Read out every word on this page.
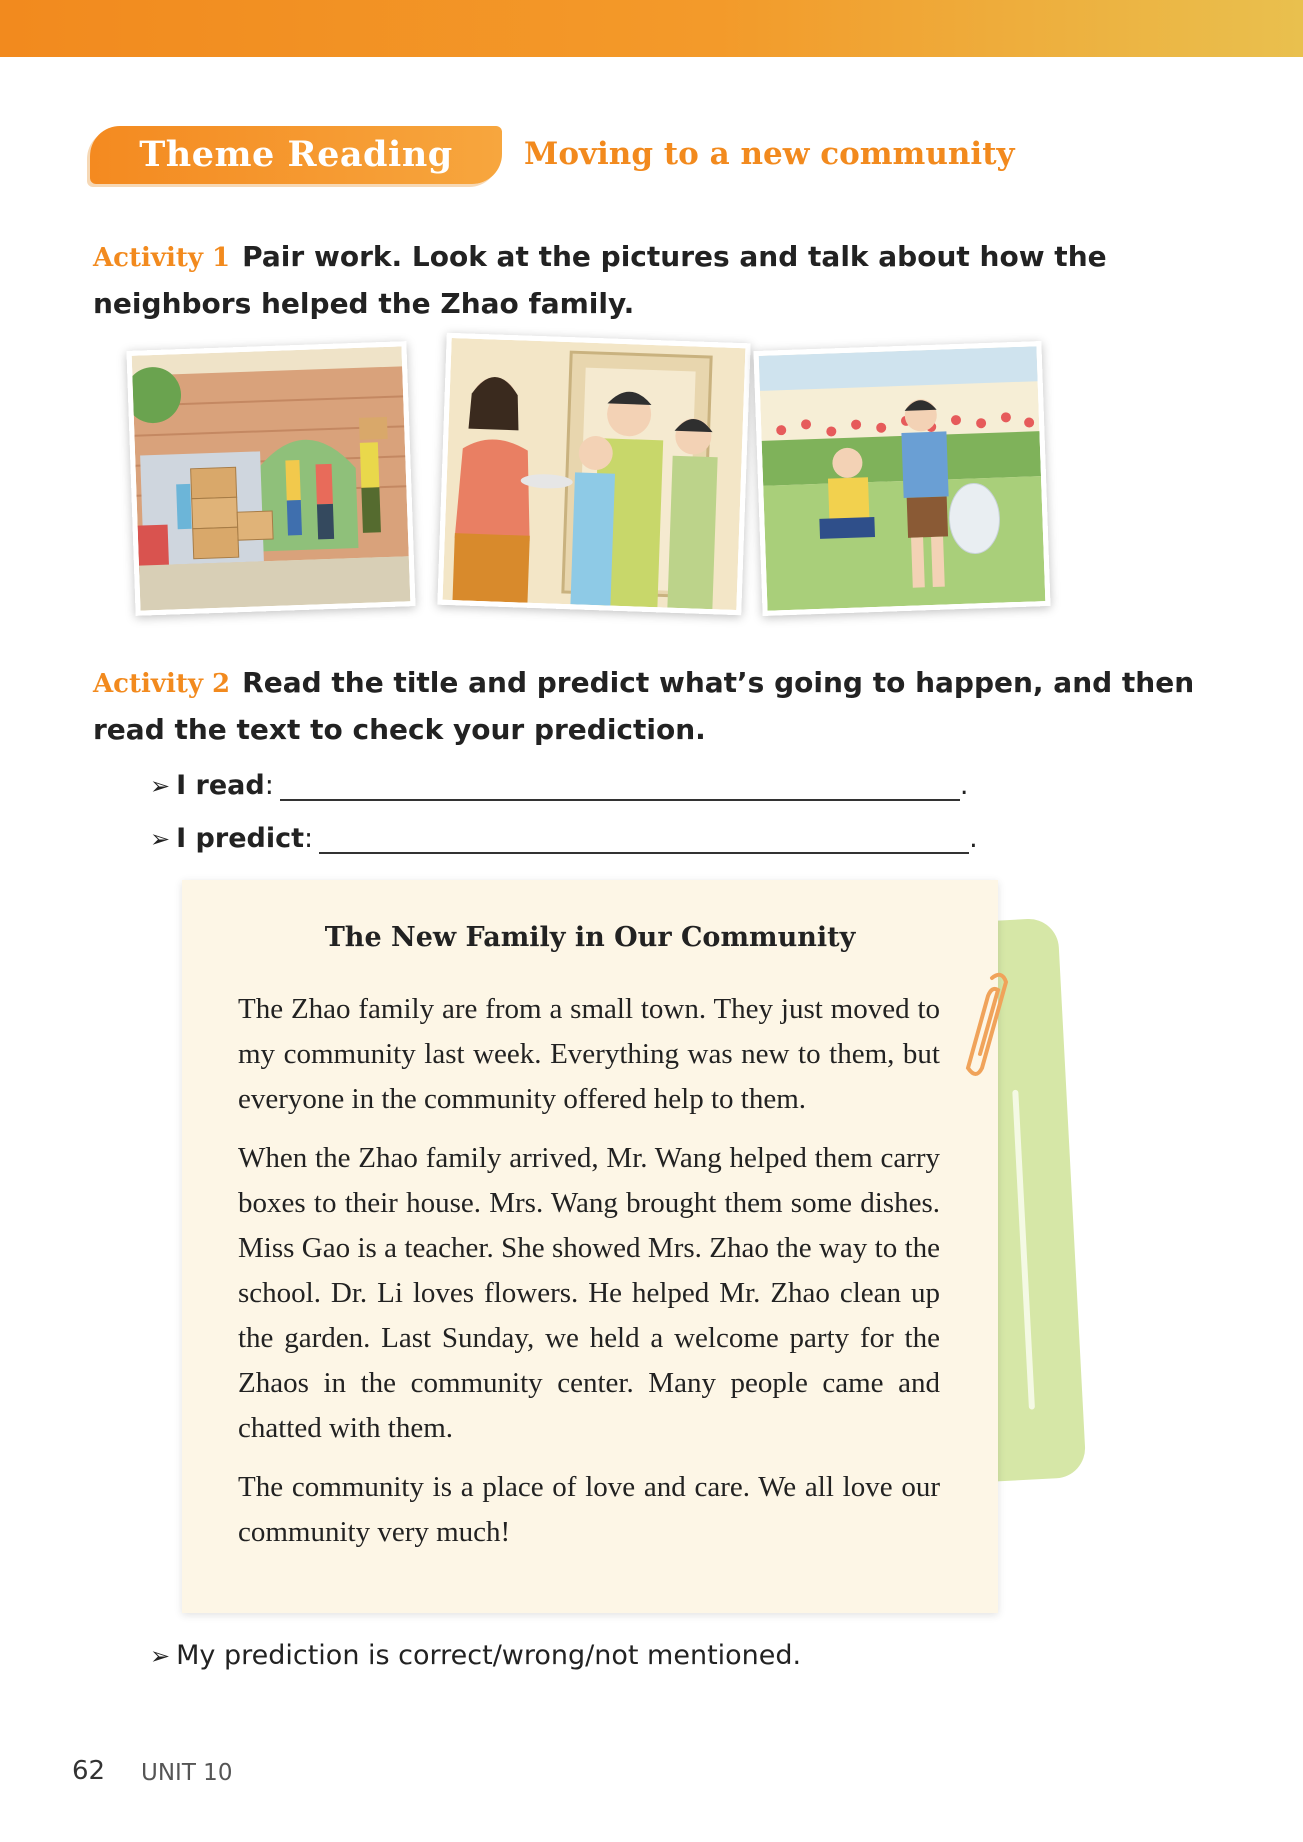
Theme Reading	Moving to a new community
Activity 1 Pair work. Look at the pictures and talk about how the neighbors helped the Zhao family.
Activity 2 Read the title and predict what’s going to happen, and then read the text to check your prediction.
➢ I read:	.
➢ I predict:	.
The New Family in Our Community
The Zhao family are from a small town. They just moved to my community last week. Everything was new to them, but everyone in the community offered help to them.
When the Zhao family arrived, Mr. Wang helped them carry boxes to their house. Mrs. Wang brought them some dishes. Miss Gao is a teacher. She showed Mrs. Zhao the way to the school. Dr. Li loves flowers. He helped Mr. Zhao clean up the garden. Last Sunday, we held a welcome party for the Zhaos in the community center. Many people came and chatted with them.
The community is a place of love and care. We all love our community very much!
➢ My prediction is correct/wrong/not mentioned.
62 UNIT 10
